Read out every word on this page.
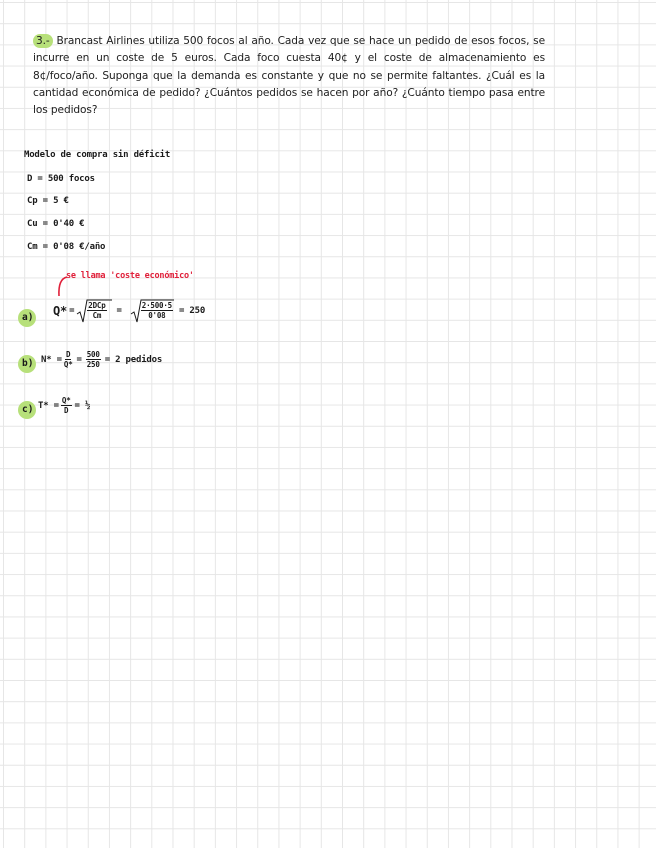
3.- Brancast Airlines utiliza 500 focos al año. Cada vez que se hace un pedido de esos focos, se incurre en un coste de 5 euros. Cada foco cuesta 40¢ y el coste de almacenamiento es 8¢/foco/año. Suponga que la demanda es constante y que no se permite faltantes. ¿Cuál es la cantidad económica de pedido? ¿Cuántos pedidos se hacen por año? ¿Cuánto tiempo pasa entre los pedidos?
Modelo de compra sin déficit
D = 500 focos
Cp = 5 €
Cu = 0'40 €
Cm = 0'08 €/año
se llama 'coste económico'
a) $Q* = \frac{\text{2DCp}}{Cm}$ =	$\frac{2\cdot 500\cdot 5}{0'08} = 250$
b) $N* = \frac{D}{Q*} = \frac{500}{250} = 2$ pedidos
c) $T* = \frac{Q*}{D}$ = ½
